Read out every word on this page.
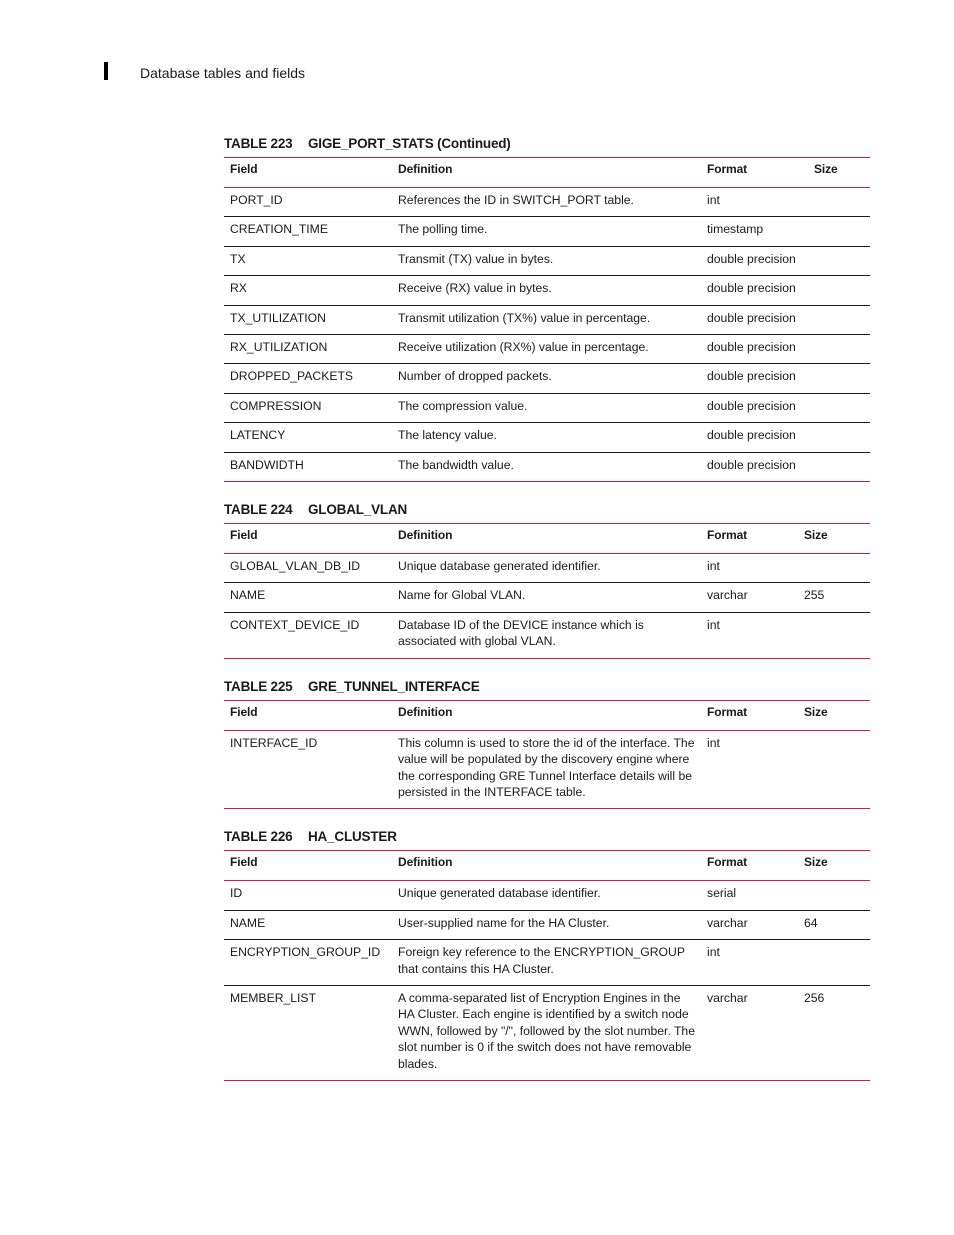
Database tables and fields
TABLE 223	GIGE_PORT_STATS (Continued)
Field	Definition	Format	Size
PORT_ID	References the ID in SWITCH_PORT table.	int	
CREATION_TIME	The polling time.	timestamp	
TX	Transmit (TX) value in bytes.	double precision	
RX	Receive (RX) value in bytes.	double precision	
TX_UTILIZATION	Transmit utilization (TX%) value in percentage.	double precision	
RX_UTILIZATION	Receive utilization (RX%) value in percentage.	double precision	
DROPPED_PACKETS	Number of dropped packets.	double precision	
COMPRESSION	The compression value.	double precision	
LATENCY	The latency value.	double precision	
BANDWIDTH	The bandwidth value.	double precision	
TABLE 224	GLOBAL_VLAN
Field	Definition	Format	Size
GLOBAL_VLAN_DB_ID	Unique database generated identifier.	int	
NAME	Name for Global VLAN.	varchar	255
CONTEXT_DEVICE_ID	Database ID of the DEVICE instance which is associated with global VLAN.	int	
TABLE 225	GRE_TUNNEL_INTERFACE
Field	Definition	Format	Size
INTERFACE_ID	This column is used to store the id of the interface. The value will be populated by the discovery engine where the corresponding GRE Tunnel Interface details will be persisted in the INTERFACE table.	int	
TABLE 226	HA_CLUSTER
Field	Definition	Format	Size
ID	Unique generated database identifier.	serial	
NAME	User-supplied name for the HA Cluster.	varchar	64
ENCRYPTION_GROUP_ID	Foreign key reference to the ENCRYPTION_GROUP that contains this HA Cluster.	int	
MEMBER_LIST	A comma-separated list of Encryption Engines in the HA Cluster. Each engine is identified by a switch node WWN, followed by "/", followed by the slot number. The slot number is 0 if the switch does not have removable blades.	varchar	256
